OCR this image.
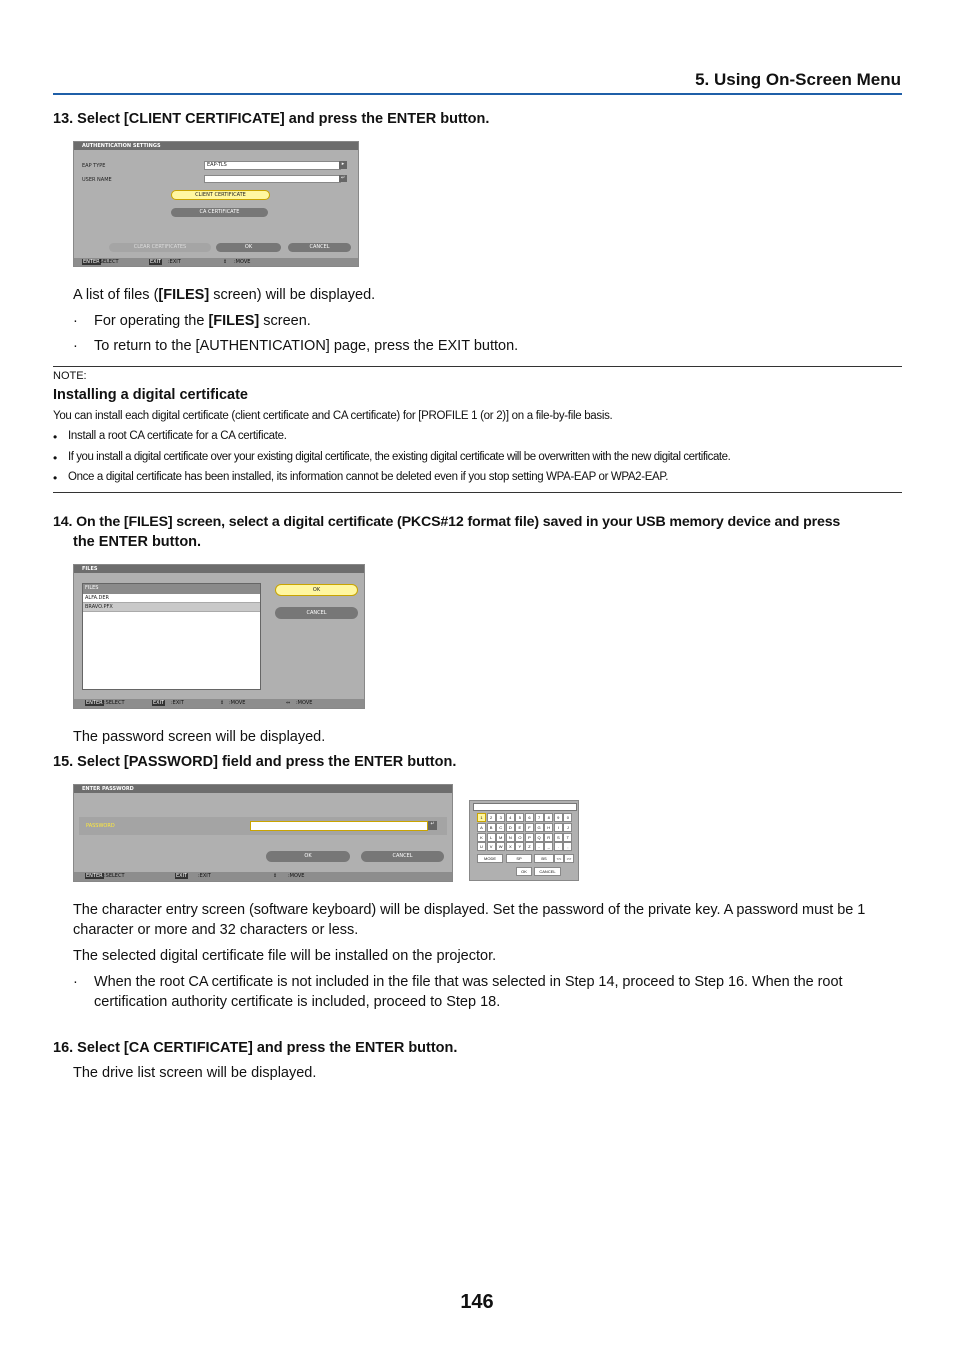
5. Using On-Screen Menu
13. Select [CLIENT CERTIFICATE] and press the ENTER button.
AUTHENTICATION SETTINGS
EAP TYPE	EAP-TLS	▸
USER NAME	↵
CLIENT CERTIFICATE
CA CERTIFICATE
CLEAR CERTIFICATES	OK	CANCEL
ENTER
:SELECT	EXIT :EXIT	⇕ :MOVE
A list of files ([FILES] screen) will be displayed.
· For operating the [FILES] screen.
· To return to the [AUTHENTICATION] page, press the EXIT button.
NOTE:
Installing a digital certificate
You can install each digital certificate (client certificate and CA certificate) for [PROFILE 1 (or 2)] on a file-by-file basis.
• Install a root CA certificate for a CA certificate.
• If you install a digital certificate over your existing digital certificate, the existing digital certificate will be overwritten with the new digital certificate.
• Once a digital certificate has been installed, its information cannot be deleted even if you stop setting WPA-EAP or WPA2-EAP.
14. On the [FILES] screen, select a digital certificate (PKCS#12 format file) saved in your USB memory device and press
the ENTER button.
FILES
FILES
ALFA.DER
BRAVO.PFX
OK
CANCEL
ENTER :SELECT	EXIT :EXIT	⇕ :MOVE	⇔ :MOVE
The password screen will be displayed.
15. Select [PASSWORD] field and press the ENTER button.
ENTER PASSWORD
PASSWORD	↵
OK	CANCEL
ENTER :SELECT	EXIT :EXIT	⇕ :MOVE
1	2	3	4	5	6	7	8	9	0
A	B	C	D	E	F	G	H	I	J
K	L	M	N	O	P	Q	R	S	T
U	V	W	X	Y	Z	-	_	.	,
MODE	SP	BS	<<	>>
OK	CANCEL
The character entry screen (software keyboard) will be displayed. Set the password of the private key. A password must be 1
character or more and 32 characters or less.
The selected digital certificate file will be installed on the projector.
· When the root CA certificate is not included in the file that was selected in Step 14, proceed to Step 16. When the root
certification authority certificate is included, proceed to Step 18.
16. Select [CA CERTIFICATE] and press the ENTER button.
The drive list screen will be displayed.
146
